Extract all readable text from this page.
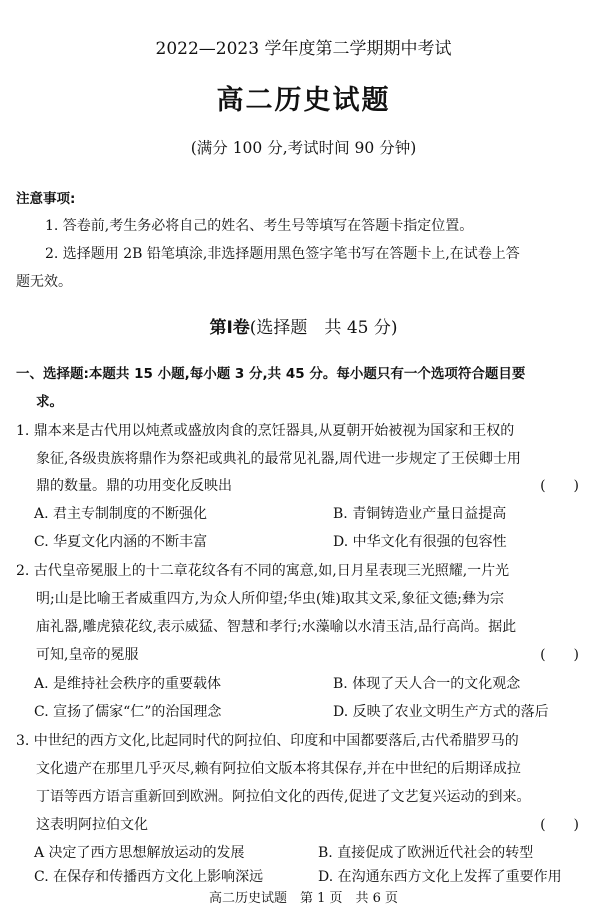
2022—2023 学年度第二学期期中考试
高二历史试题
(满分 100 分,考试时间 90 分钟)
注意事项:
1. 答卷前,考生务必将自己的姓名、考生号等填写在答题卡指定位置。
2. 选择题用 2B 铅笔填涂,非选择题用黑色签字笔书写在答题卡上,在试卷上答
题无效。
第Ⅰ卷(选择题　共 45 分)
一、选择题:本题共 15 小题,每小题 3 分,共 45 分。每小题只有一个选项符合题目要
求。
1. 鼎本来是古代用以炖煮或盛放肉食的烹饪器具,从夏朝开始被视为国家和王权的
象征,各级贵族将鼎作为祭祀或典礼的最常见礼器,周代进一步规定了王侯卿士用
鼎的数量。鼎的功用变化反映出	(　　)
A. 君主专制制度的不断强化	B. 青铜铸造业产量日益提高
C. 华夏文化内涵的不断丰富	D. 中华文化有很强的包容性
2. 古代皇帝冕服上的十二章花纹各有不同的寓意,如,日月星表现三光照耀,一片光
明;山是比喻王者威重四方,为众人所仰望;华虫(雉)取其文采,象征文德;彝为宗
庙礼器,雕虎猿花纹,表示威猛、智慧和孝行;水藻喻以水清玉洁,品行高尚。据此
可知,皇帝的冕服	(　　)
A. 是维持社会秩序的重要载体	B. 体现了天人合一的文化观念
C. 宣扬了儒家“仁”的治国理念	D. 反映了农业文明生产方式的落后
3. 中世纪的西方文化,比起同时代的阿拉伯、印度和中国都要落后,古代希腊罗马的
文化遗产在那里几乎灭尽,赖有阿拉伯文版本将其保存,并在中世纪的后期译成拉
丁语等西方语言重新回到欧洲。阿拉伯文化的西传,促进了文艺复兴运动的到来。
这表明阿拉伯文化	(　　)
A 决定了西方思想解放运动的发展	B. 直接促成了欧洲近代社会的转型
C. 在保存和传播西方文化上影响深远	D. 在沟通东西方文化上发挥了重要作用
高二历史试题　第 1 页　共 6 页
